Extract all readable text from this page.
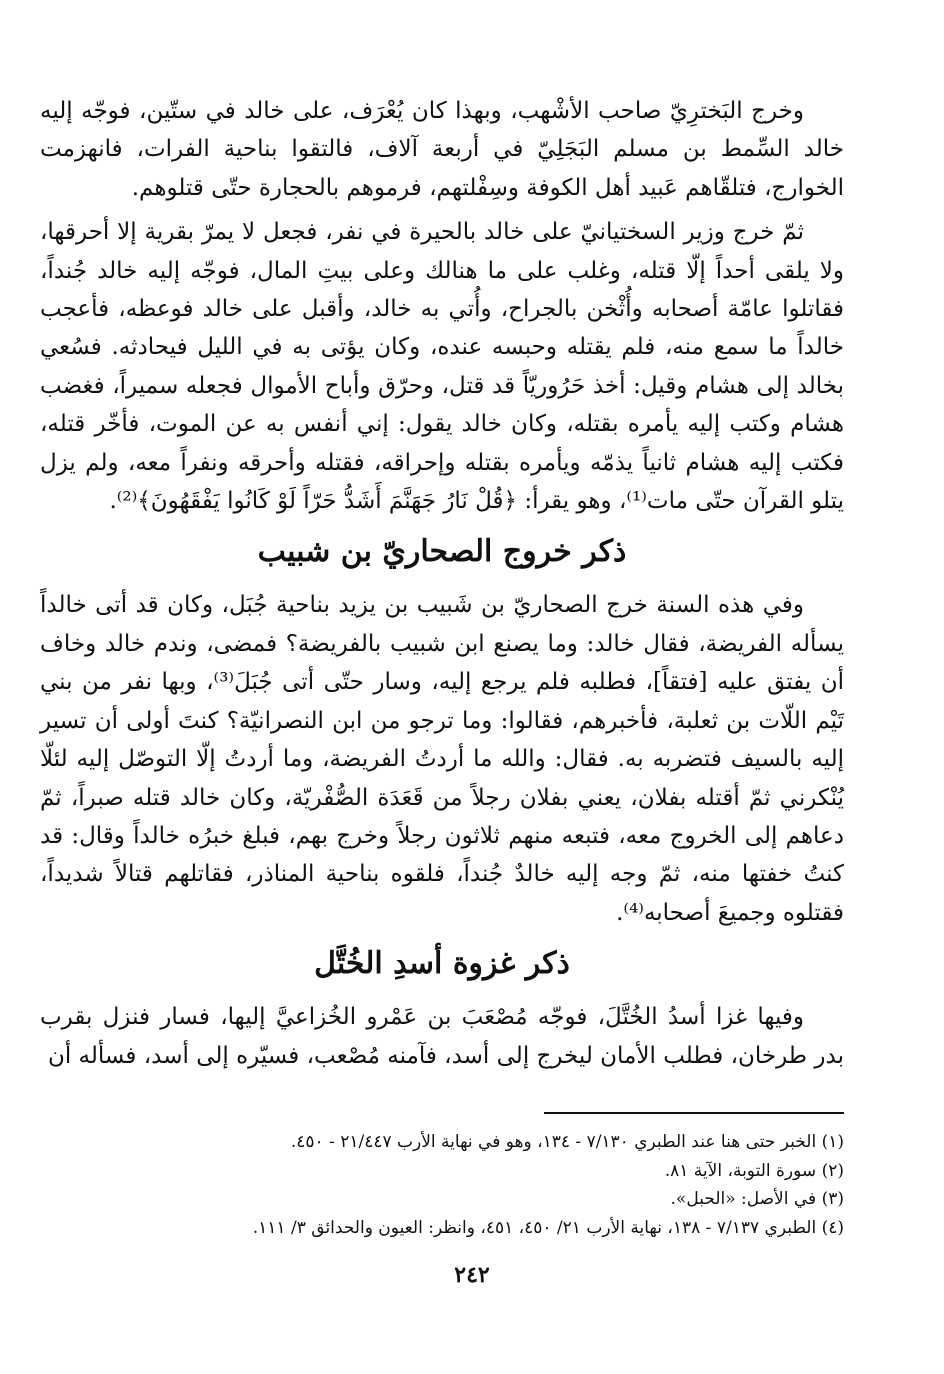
وخرج البَخترِيّ صاحب الأشْهب، وبهذا كان يُعْرَف، على خالد في ستّين، فوجّه إليه خالد السِّمط بن مسلم البَجَلِيّ في أربعة آلاف، فالتقوا بناحية الفرات، فانهزمت الخوارج، فتلقّاهم عَبيد أهل الكوفة وسِفْلتهم، فرموهم بالحجارة حتّى قتلوهم.

ثمّ خرج وزير السختيانيّ على خالد بالحيرة في نفر، فجعل لا يمرّ بقرية إلا أحرقها، ولا يلقى أحداً إلّا قتله، وغلب على ما هنالك وعلى بيتِ المال، فوجّه إليه خالد جُنداً، فقاتلوا عامّة أصحابه وأُثْخن بالجراح، وأُتي به خالد، وأقبل على خالد فوعظه، فأعجب خالداً ما سمع منه، فلم يقتله وحبسه عنده، وكان يؤتى به في الليل فيحادثه. فسُعي بخالد إلى هشام وقيل: أخذ حَرُوريّاً قد قتل، وحرّق وأباح الأموال فجعله سميراً، فغضب هشام وكتب إليه يأمره بقتله، وكان خالد يقول: إني أنفس به عن الموت، فأخّر قتله، فكتب إليه هشام ثانياً يذمّه ويأمره بقتله وإحراقه، فقتله وأحرقه ونفراً معه، ولم يزل يتلو القرآن حتّى مات⁽¹⁾، وهو يقرأ: ﴿قُلْ نَارُ جَهَنَّمَ أَشَدُّ حَرّاً لَوْ كَانُوا يَفْقَهُونَ﴾⁽²⁾.

ذكر خروج الصحاريّ بن شبيب

وفي هذه السنة خرج الصحاريّ بن شَبيب بن يزيد بناحية جُبَل، وكان قد أتى خالداً يسأله الفريضة، فقال خالد: وما يصنع ابن شبيب بالفريضة؟ فمضى، وندم خالد وخاف أن يفتق عليه [فتقاً]، فطلبه فلم يرجع إليه، وسار حتّى أتى جُبَلَ⁽³⁾، وبها نفر من بني تَيْم اللّات بن ثعلبة، فأخبرهم، فقالوا: وما ترجو من ابن النصرانيّة؟ كنتَ أولى أن تسير إليه بالسيف فتضربه به. فقال: والله ما أردتُ الفريضة، وما أردتُ إلّا التوصّل إليه لئلّا يُنْكرني ثمّ أقتله بفلان، يعني بفلان رجلاً من قَعَدَة الصُّفْريّة، وكان خالد قتله صبراً، ثمّ دعاهم إلى الخروج معه، فتبعه منهم ثلاثون رجلاً وخرج بهم، فبلغ خبرُه خالداً وقال: قد كنتُ خفتها منه، ثمّ وجه إليه خالدٌ جُنداً، فلقوه بناحية المناذر، فقاتلهم قتالاً شديداً، فقتلوه وجميعَ أصحابه⁽⁴⁾.

ذكر غزوة أسدِ الخُتَّل

وفيها غزا أسدُ الخُتَّلَ، فوجّه مُصْعَبَ بن عَمْرو الخُزاعيَّ إليها، فسار فنزل بقرب بدر طرخان، فطلب الأمان ليخرج إلى أسد، فآمنه مُصْعب، فسيّره إلى أسد، فسأله أن

(١) الخبر حتى هنا عند الطبري ٧/١٣٠ - ١٣٤، وهو في نهاية الأرب ٢١/٤٤٧ - ٤٥٠.

(٢) سورة التوبة، الآية ٨١.

(٣) في الأصل: «الحبل».

(٤) الطبري ٧/١٣٧ - ١٣٨، نهاية الأرب ٢١/ ٤٥٠، ٤٥١، وانظر: العيون والحدائق ٣/ ١١١.

٢٤٢
